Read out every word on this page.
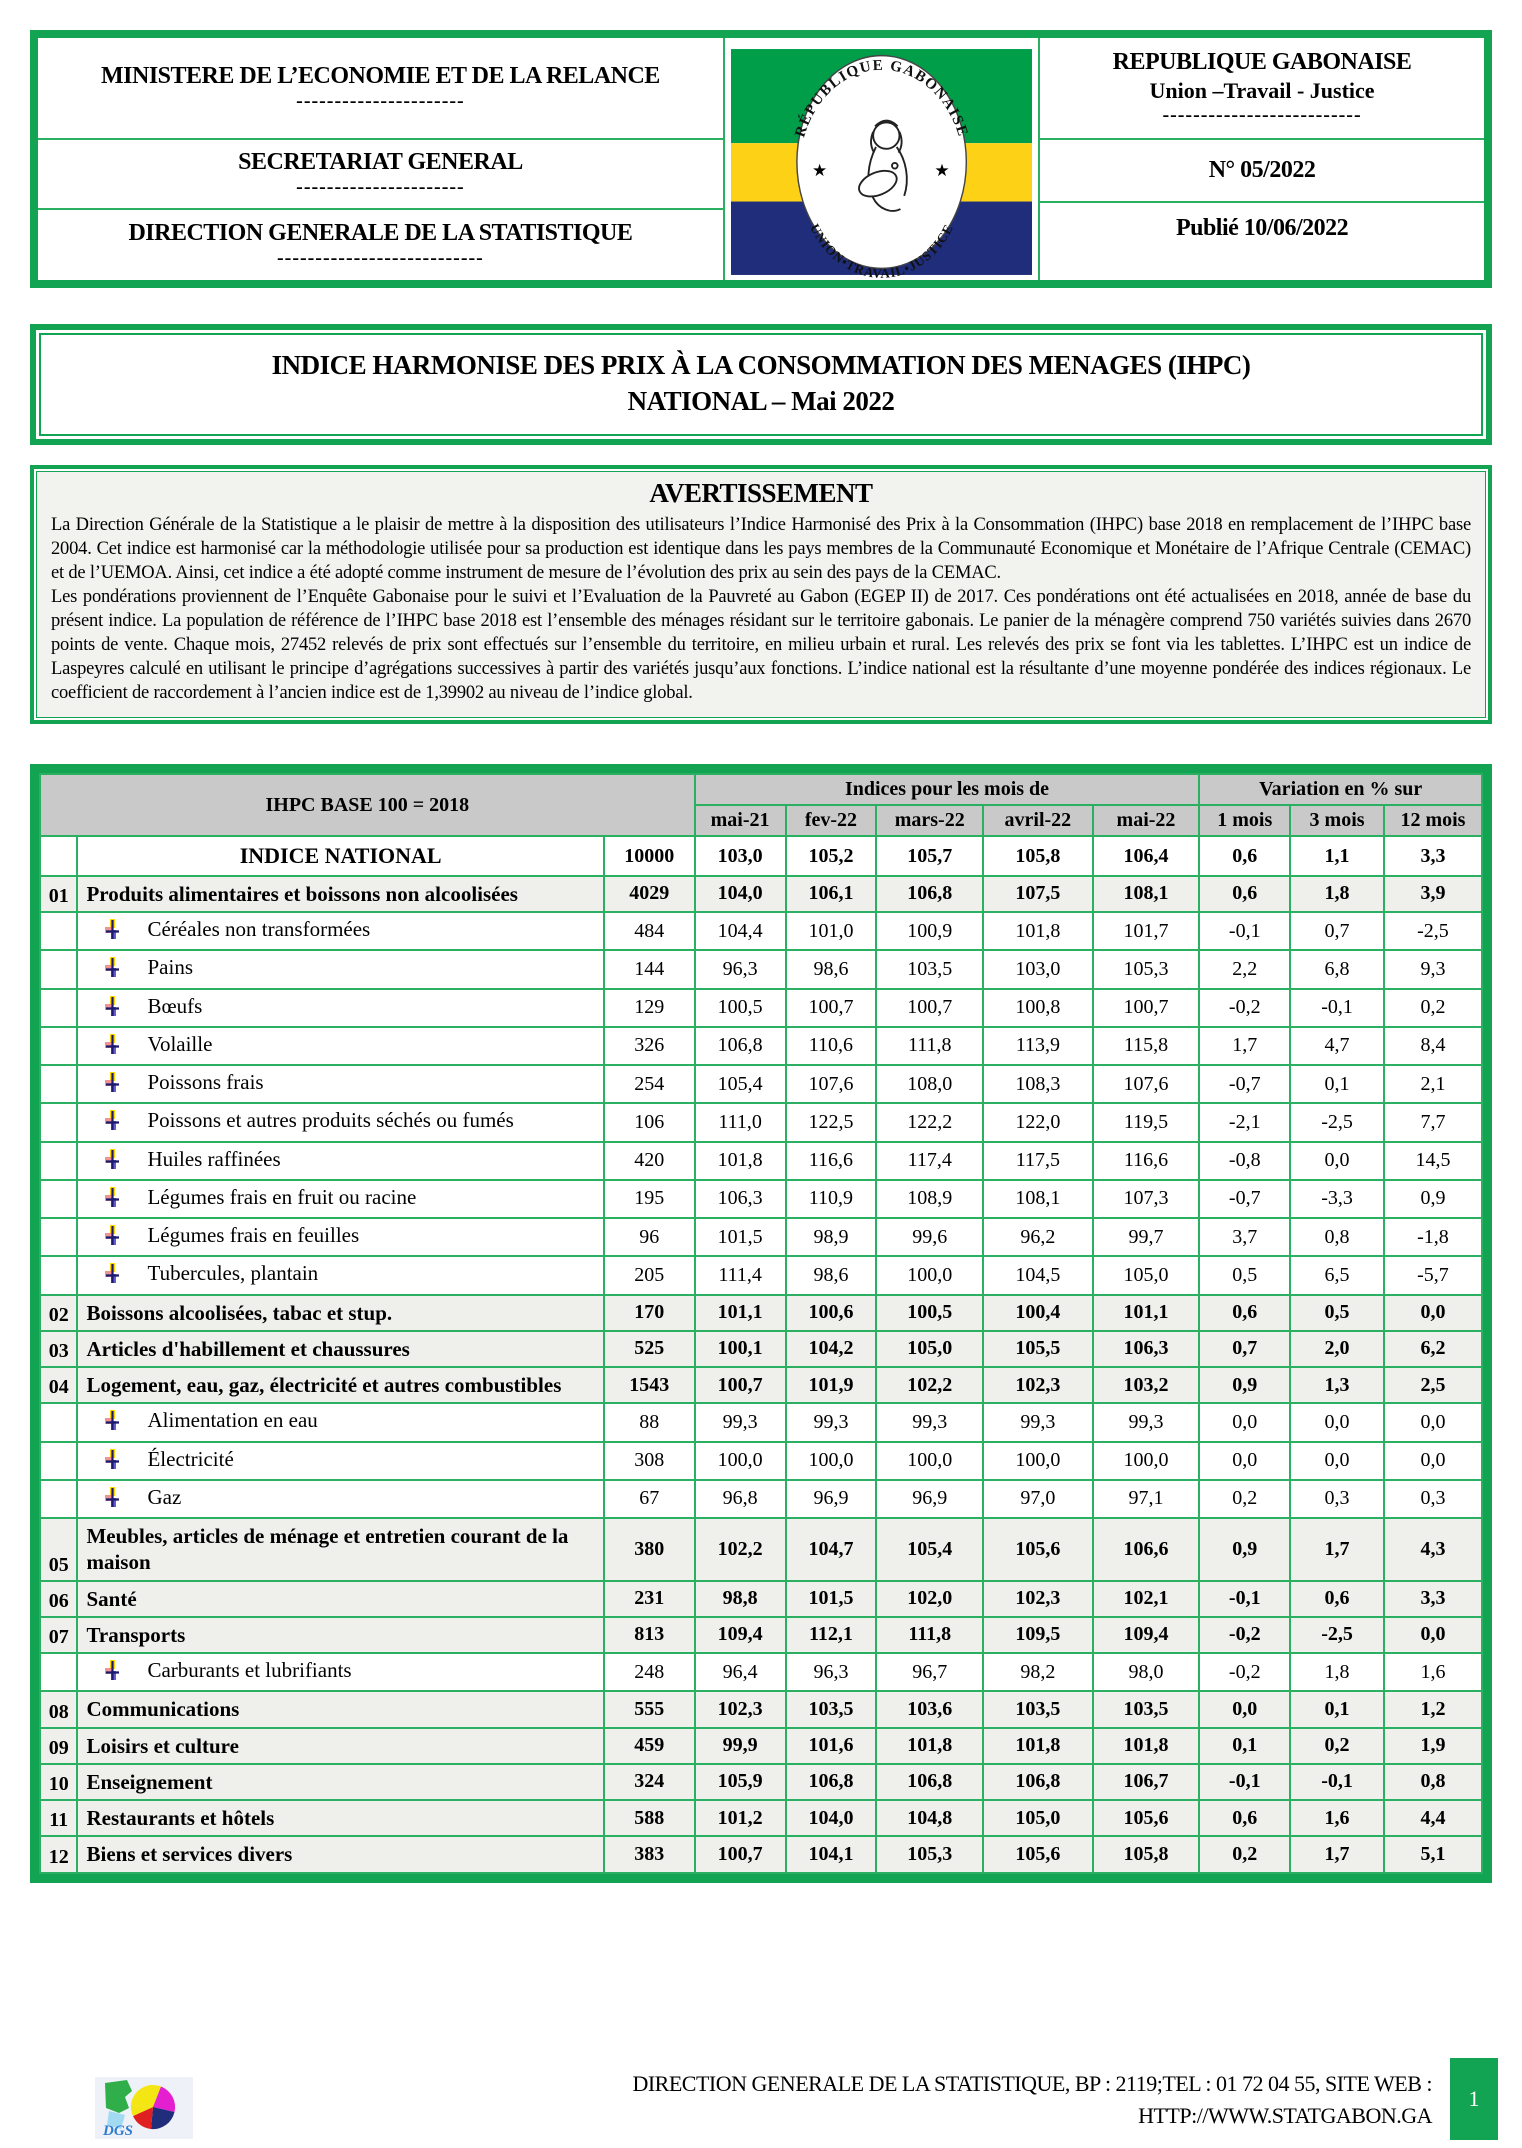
MINISTERE DE L’ECONOMIE ET DE LA RELANCE
----------------------
SECRETARIAT GENERAL
----------------------
DIRECTION GENERALE DE LA STATISTIQUE
---------------------------
RÉPUBLIQUE GABONAISE
UNION•TRAVAIL•JUSTICE
★	★
REPUBLIQUE GABONAISE
Union –Travail - Justice
--------------------------
N° 05/2022
Publié 10/06/2022
INDICE HARMONISE DES PRIX À LA CONSOMMATION DES MENAGES (IHPC)
NATIONAL – Mai 2022
AVERTISSEMENT

La Direction Générale de la Statistique a le plaisir de mettre à la disposition des utilisateurs l’Indice Harmonisé des Prix à la Consommation (IHPC) base 2018 en remplacement de l’IHPC base 2004. Cet indice est harmonisé car la méthodologie utilisée pour sa production est identique dans les pays membres de la Communauté Economique et Monétaire de l’Afrique Centrale (CEMAC) et de l’UEMOA. Ainsi, cet indice a été adopté comme instrument de mesure de l’évolution des prix au sein des pays de la CEMAC.

Les pondérations proviennent de l’Enquête Gabonaise pour le suivi et l’Evaluation de la Pauvreté au Gabon (EGEP II) de 2017. Ces pondérations ont été actualisées en 2018, année de base du présent indice. La population de référence de l’IHPC base 2018 est l’ensemble des ménages résidant sur le territoire gabonais. Le panier de la ménagère comprend 750 variétés suivies dans 2670 points de vente. Chaque mois, 27452 relevés de prix sont effectués sur l’ensemble du territoire, en milieu urbain et rural. Les relevés des prix se font via les tablettes. L’IHPC est un indice de Laspeyres calculé en utilisant le principe d’agrégations successives à partir des variétés jusqu’aux fonctions. L’indice national est la résultante d’une moyenne pondérée des indices régionaux. Le coefficient de raccordement à l’ancien indice est de 1,39902 au niveau de l’indice global.

IHPC BASE 100 = 2018			Indices pour les mois de					Variation en % sur		
			mai-21	fev-22	mars-22	avril-22	mai-22	1 mois	3 mois	12 mois
	INDICE NATIONAL	10000	103,0	105,2	105,7	105,8	106,4	0,6	1,1	3,3
01	Produits alimentaires et boissons non alcoolisées	4029	104,0	106,1	106,8	107,5	108,1	0,6	1,8	3,9
	Céréales non transformées	484	104,4	101,0	100,9	101,8	101,7	-0,1	0,7	-2,5
	Pains	144	96,3	98,6	103,5	103,0	105,3	2,2	6,8	9,3
	Bœufs	129	100,5	100,7	100,7	100,8	100,7	-0,2	-0,1	0,2
	Volaille	326	106,8	110,6	111,8	113,9	115,8	1,7	4,7	8,4
	Poissons frais	254	105,4	107,6	108,0	108,3	107,6	-0,7	0,1	2,1
	Poissons et autres produits séchés ou fumés	106	111,0	122,5	122,2	122,0	119,5	-2,1	-2,5	7,7
	Huiles raffinées	420	101,8	116,6	117,4	117,5	116,6	-0,8	0,0	14,5
	Légumes frais en fruit ou racine	195	106,3	110,9	108,9	108,1	107,3	-0,7	-3,3	0,9
	Légumes frais en feuilles	96	101,5	98,9	99,6	96,2	99,7	3,7	0,8	-1,8
	Tubercules, plantain	205	111,4	98,6	100,0	104,5	105,0	0,5	6,5	-5,7
02	Boissons alcoolisées, tabac et stup.	170	101,1	100,6	100,5	100,4	101,1	0,6	0,5	0,0
03	Articles d'habillement et chaussures	525	100,1	104,2	105,0	105,5	106,3	0,7	2,0	6,2
04	Logement, eau, gaz, électricité et autres combustibles	1543	100,7	101,9	102,2	102,3	103,2	0,9	1,3	2,5
	Alimentation en eau	88	99,3	99,3	99,3	99,3	99,3	0,0	0,0	0,0
	Électricité	308	100,0	100,0	100,0	100,0	100,0	0,0	0,0	0,0
	Gaz	67	96,8	96,9	96,9	97,0	97,1	0,2	0,3	0,3
05	Meubles, articles de ménage et entretien courant de la maison	380	102,2	104,7	105,4	105,6	106,6	0,9	1,7	4,3
06	Santé	231	98,8	101,5	102,0	102,3	102,1	-0,1	0,6	3,3
07	Transports	813	109,4	112,1	111,8	109,5	109,4	-0,2	-2,5	0,0
	Carburants et lubrifiants	248	96,4	96,3	96,7	98,2	98,0	-0,2	1,8	1,6
08	Communications	555	102,3	103,5	103,6	103,5	103,5	0,0	0,1	1,2
09	Loisirs et culture	459	99,9	101,6	101,8	101,8	101,8	0,1	0,2	1,9
10	Enseignement	324	105,9	106,8	106,8	106,8	106,7	-0,1	-0,1	0,8
11	Restaurants et hôtels	588	101,2	104,0	104,8	105,0	105,6	0,6	1,6	4,4
12	Biens et services divers	383	100,7	104,1	105,3	105,6	105,8	0,2	1,7	5,1
DGS
DIRECTION GENERALE DE LA STATISTIQUE, BP : 2119;TEL : 01 72 04 55, SITE WEB :
HTTP://WWW.STATGABON.GA
1
